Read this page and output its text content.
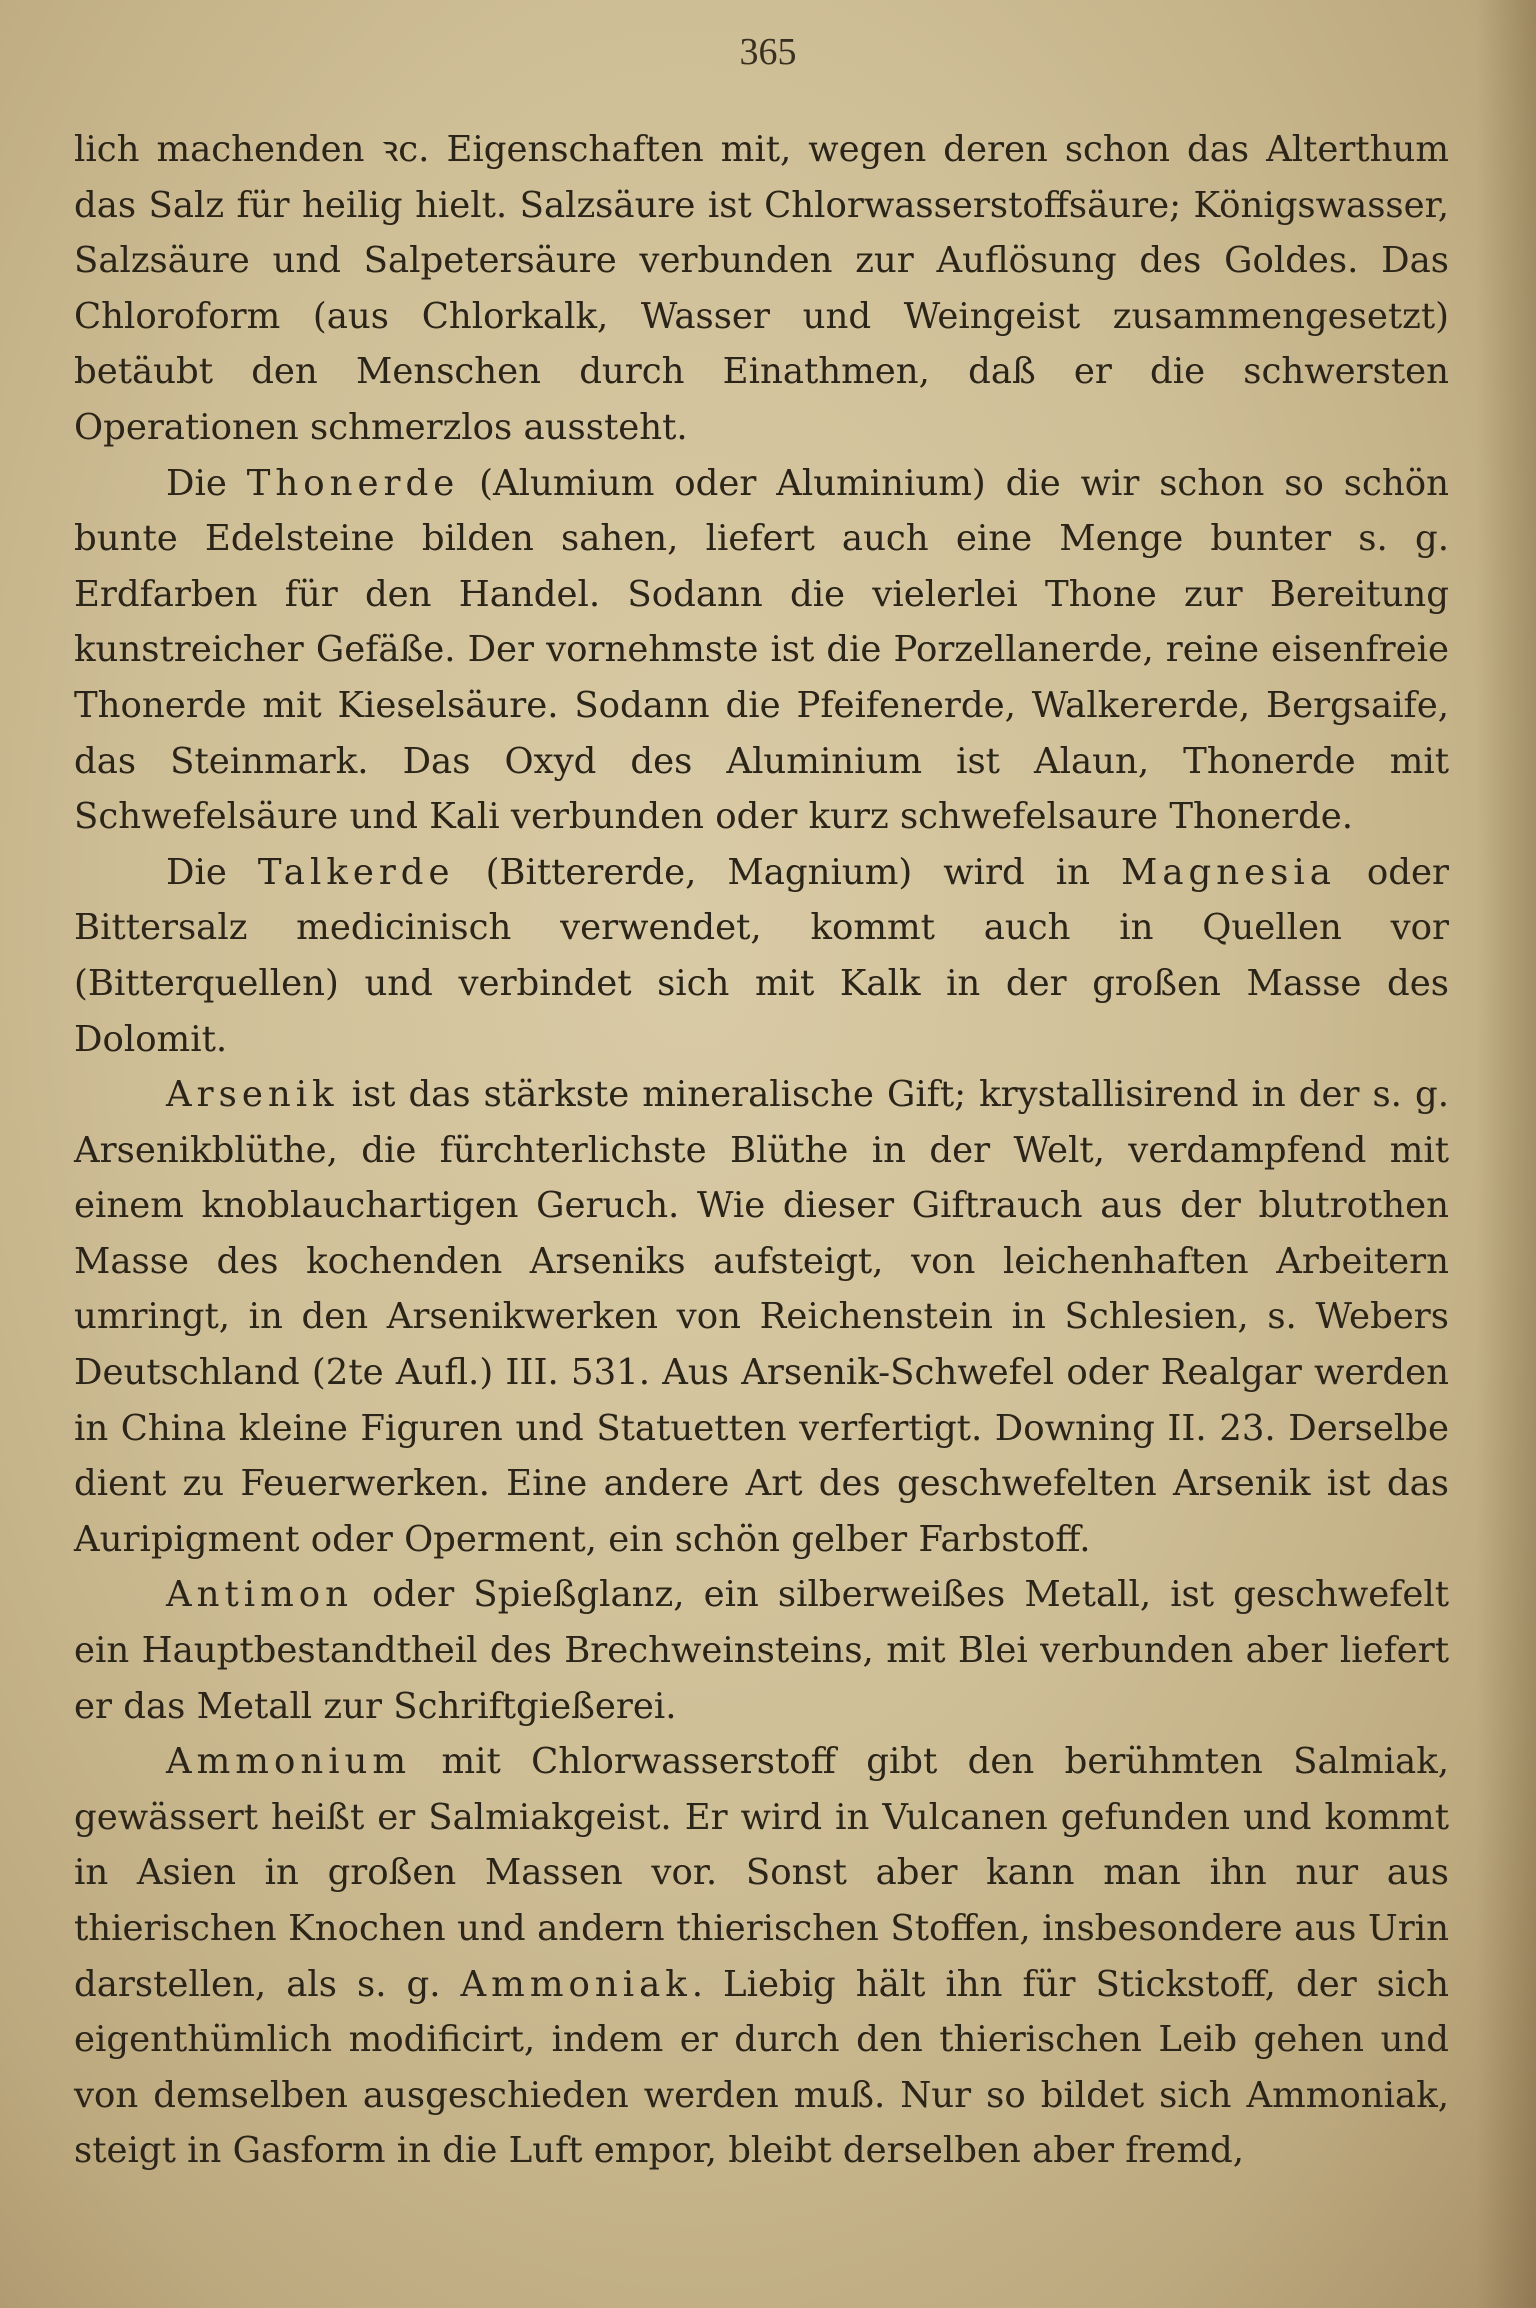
365

lich machenden ꝛc. Eigenschaften mit, wegen deren schon das Alterthum das Salz für heilig hielt. Salzsäure ist Chlorwasserstoffsäure; Königswasser, Salzsäure und Salpetersäure verbunden zur Auflösung des Goldes. Das Chloroform (aus Chlorkalk, Wasser und Weingeist zusammengesetzt) betäubt den Menschen durch Einathmen, daß er die schwersten Operationen schmerzlos aussteht.

Die Thonerde (Alumium oder Aluminium) die wir schon so schön bunte Edelsteine bilden sahen, liefert auch eine Menge bunter s. g. Erdfarben für den Handel. Sodann die vielerlei Thone zur Bereitung kunstreicher Gefäße. Der vornehmste ist die Porzellanerde, reine eisenfreie Thonerde mit Kieselsäure. Sodann die Pfeifenerde, Walkererde, Bergsaife, das Steinmark. Das Oxyd des Aluminium ist Alaun, Thonerde mit Schwefelsäure und Kali verbunden oder kurz schwefelsaure Thonerde.

Die Talkerde (Bittererde, Magnium) wird in Magnesia oder Bittersalz medicinisch verwendet, kommt auch in Quellen vor (Bitterquellen) und verbindet sich mit Kalk in der großen Masse des Dolomit.

Arsenik ist das stärkste mineralische Gift; krystallisirend in der s. g. Arsenikblüthe, die fürchterlichste Blüthe in der Welt, verdampfend mit einem knoblauchartigen Geruch. Wie dieser Giftrauch aus der blutrothen Masse des kochenden Arseniks aufsteigt, von leichenhaften Arbeitern umringt, in den Arsenikwerken von Reichenstein in Schlesien, s. Webers Deutschland (2te Aufl.) III. 531. Aus Arsenik-Schwefel oder Realgar werden in China kleine Figuren und Statuetten verfertigt. Downing II. 23. Derselbe dient zu Feuerwerken. Eine andere Art des geschwefelten Arsenik ist das Auripigment oder Operment, ein schön gelber Farbstoff.

Antimon oder Spießglanz, ein silberweißes Metall, ist geschwefelt ein Hauptbestandtheil des Brechweinsteins, mit Blei verbunden aber liefert er das Metall zur Schriftgießerei.

Ammonium mit Chlorwasserstoff gibt den berühmten Salmiak, gewässert heißt er Salmiakgeist. Er wird in Vulcanen gefunden und kommt in Asien in großen Massen vor. Sonst aber kann man ihn nur aus thierischen Knochen und andern thierischen Stoffen, insbesondere aus Urin darstellen, als s. g. Ammoniak. Liebig hält ihn für Stickstoff, der sich eigenthümlich modificirt, indem er durch den thierischen Leib gehen und von demselben ausgeschieden werden muß. Nur so bildet sich Ammoniak, steigt in Gasform in die Luft empor, bleibt derselben aber fremd,
